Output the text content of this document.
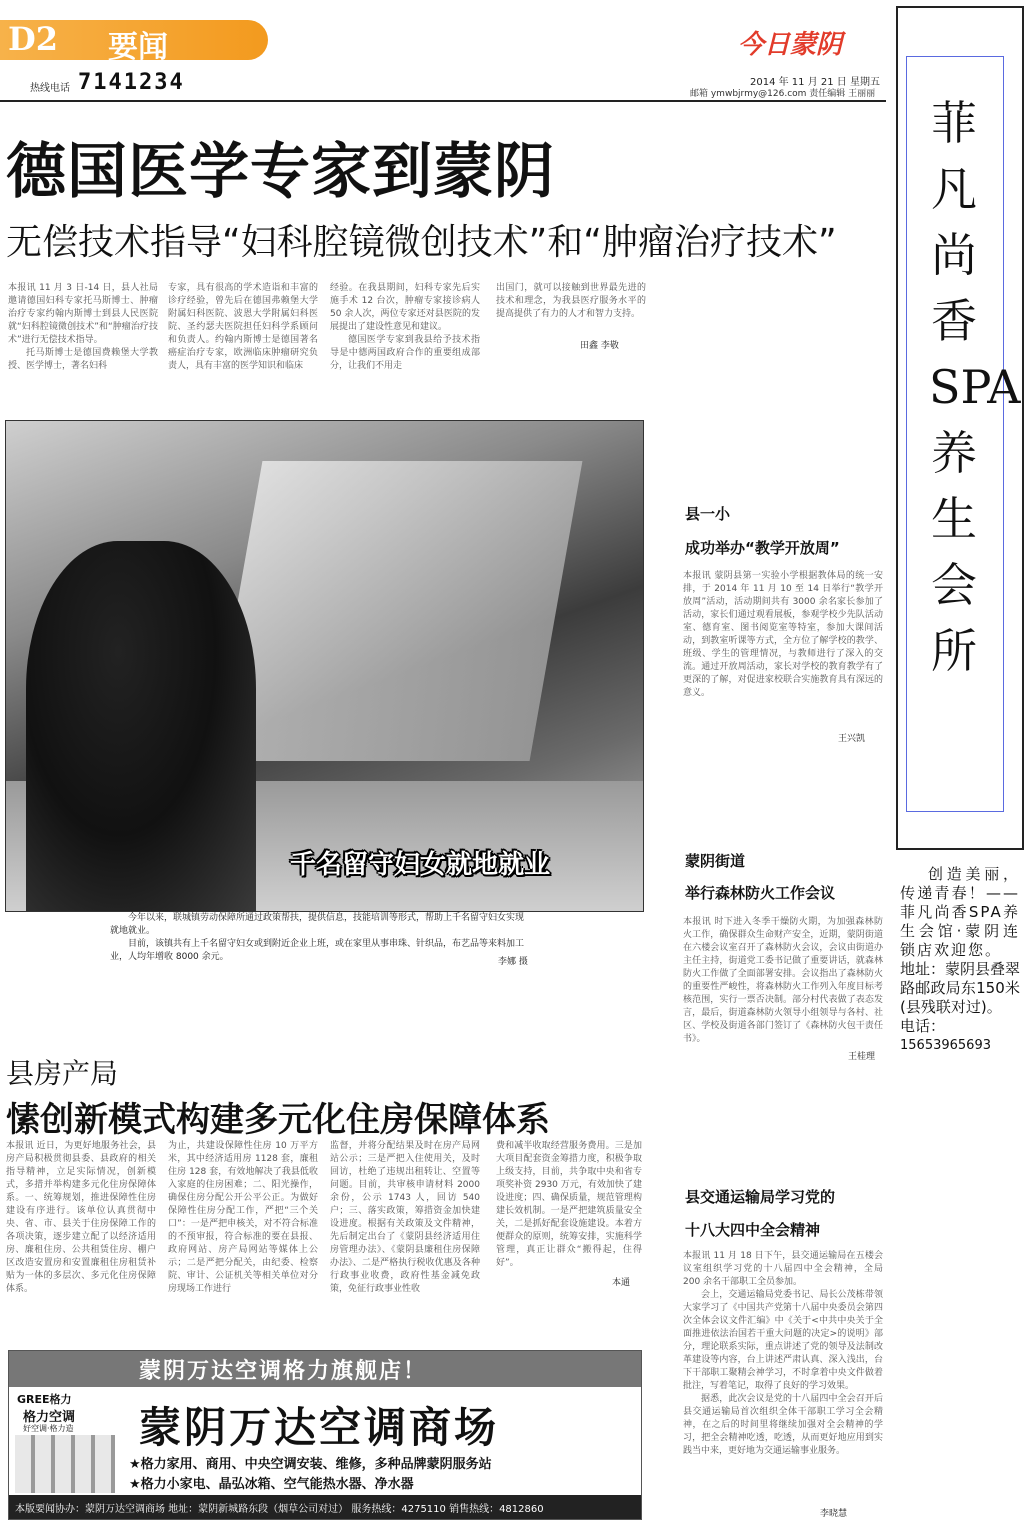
D2 要闻
热线电话 7141234
今日蒙阴
2014 年 11 月 21 日 星期五
邮箱 ymwbjrmy@126.com 责任编辑 王丽丽
德国医学专家到蒙阴
无偿技术指导“妇科腔镜微创技术”和“肿瘤治疗技术”
本报讯 11 月 3 日-14 日，县人社局邀请德国妇科专家托马斯博士、肿瘤治疗专家约翰内斯博士到县人民医院就“妇科腔镜微创技术”和“肿瘤治疗技术”进行无偿技术指导。
托马斯博士是德国费赖堡大学教授、医学博士，著名妇科
专家，具有很高的学术造诣和丰富的诊疗经验，曾先后在德国弗赖堡大学附属妇科医院、波恩大学附属妇科医院、圣约瑟夫医院担任妇科学系顾问和负责人。约翰内斯博士是德国著名癌症治疗专家，欧洲临床肿瘤研究负责人，具有丰富的医学知识和临床
经验。在我县期间，妇科专家先后实施手术 12 台次，肿瘤专家接诊病人 50 余人次，两位专家还对县医院的发展提出了建设性意见和建议。
德国医学专家到我县给予技术指导是中德两国政府合作的重要组成部分，让我们不用走
出国门，就可以接触到世界最先进的技术和理念，为我县医疗服务水平的提高提供了有力的人才和智力支持。
田鑫 李敬
千名留守妇女就地就业
今年以来，联城镇劳动保障所通过政策帮扶，提供信息，技能培训等形式，帮助上千名留守妇女实现就地就业。
目前，该镇共有上千名留守妇女或到附近企业上班，或在家里从事串珠、针织品，布艺品等来料加工业，人均年增收 8000 余元。	李娜 摄
县一小
成功举办“教学开放周”
本报讯 蒙阴县第一实验小学根据教体局的统一安排，于 2014 年 11 月 10 至 14 日举行“教学开放周”活动，活动期间共有 3000 余名家长参加了活动，家长们通过观看展板，参观学校少先队活动室、德育室、图书阅览室等特室，参加大课间活动，到教室听课等方式，全方位了解学校的教学、班级、学生的管理情况，与教师进行了深入的交流。通过开放周活动，家长对学校的教育教学有了更深的了解，对促进家校联合实施教育具有深远的意义。
王兴凯
蒙阴街道
举行森林防火工作会议
本报讯 时下进入冬季干燥防火期，为加强森林防火工作，确保群众生命财产安全，近期，蒙阴街道在六楼会议室召开了森林防火会议，会议由街道办主任主持，街道党工委书记做了重要讲话，就森林防火工作做了全面部署安排。会议指出了森林防火的重要性严峻性，将森林防火工作列入年度目标考核范围，实行一票否决制。部分村代表做了表态发言，最后，街道森林防火领导小组领导与各村、社区、学校及街道各部门签订了《森林防火包干责任书》。
王桂理
县交通运输局学习党的
十八大四中全会精神
本报讯 11 月 18 日下午，县交通运输局在五楼会议室组织学习党的十八届四中全会精神，全局 200 余名干部职工全员参加。
会上，交通运输局党委书记、局长公茂栋带领大家学习了《中国共产党第十八届中央委员会第四次全体会议文件汇编》中《关于<中共中央关于全面推进依法治国若干重大问题的决定>的说明》部分，理论联系实际，重点讲述了党的领导及法制改革建设等内容，台上讲述严肃认真、深入浅出，台下干部职工聚精会神学习，不时拿着中央文件做着批注，写着笔记，取得了良好的学习效果。
据悉，此次会议是党的十八届四中全会召开后县交通运输局首次组织全体干部职工学习全会精神，在之后的时间里将继续加强对全会精神的学习，把全会精神吃透，吃透，从而更好地应用到实践当中来，更好地为交通运输事业服务。
李晓慧
县房产局
愫创新模式构建多元化住房保障体系
本报讯 近日，为更好地服务社会，县房产局积极贯彻县委、县政府的相关指导精神，立足实际情况，创新模式，多措并举构建多元化住房保障体系。一、统筹规划，推进保障性住房建设有序进行。该单位认真贯彻中央、省、市、县关于住房保障工作的各项决策，逐步建立配了以经济适用房、廉租住房、公共租赁住房、棚户区改造安置房和安置廉租住房租赁补贴为一体的多层次、多元化住房保障体系。
为止，共建设保障性住房 10 万平方米，其中经济适用房 1128 套，廉租住房 128 套，有效地解决了我县低收入家庭的住房困难；二、阳光操作，确保住房分配公开公平公正。为做好保障性住房分配工作，严把“三个关口”：一是严把申核关，对不符合标准的不预审报，符合标准的要在县报、政府网站、房产局网站等媒体上公示；二是严把分配关，由纪委、检察院、审计、公证机关等相关单位对分房现场工作进行
监督，并将分配结果及时在房产局网站公示；三是严把入住使用关，及时回访，杜绝了违规出租转让、空置等问题。目前，共审核申请材料 2000 余份，公示 1743 人，回访 540 户；三、落实政策，筹措资金加快建设进度。根据有关政策及文件精神，先后制定出台了《蒙阴县经济适用住房管理办法》、《蒙阴县廉租住房保障办法》、二是严格执行税收优惠及各种行政事业收费，政府性基金减免政策，免征行政事业性收
费和减半收取经营服务费用。三是加大项目配套资金筹措力度，积极争取上级支持，目前，共争取中央和省专项奖补资 2930 万元，有效加快了建设进度；四、确保质量，规范管理构建长效机制。一是严把建筑质量安全关，二是抓好配套设施建设。本着方便群众的原则，统筹安排，实施科学管理，真正让群众“搬得起，住得好”。
本通
菲凡尚香SPA养生会所
创造美丽，传递青春！——菲凡尚香SPA养生会馆·蒙阴连锁店欢迎您。
地址：蒙阴县叠翠路邮政局东150米(县残联对过)。
电话：
15653965693
蒙阴万达空调格力旗舰店！
GREE格力
格力空调
好空调·格力造 蒙阴万达空调商场
★格力家用、商用、中央空调安装、维修，多种品牌蒙阴服务站
★格力小家电、晶弘冰箱、空气能热水器、净水器
本版要闻协办：蒙阴万达空调商场 地址：蒙阴新城路东段（烟草公司对过） 服务热线：4275110 销售热线：4812860
